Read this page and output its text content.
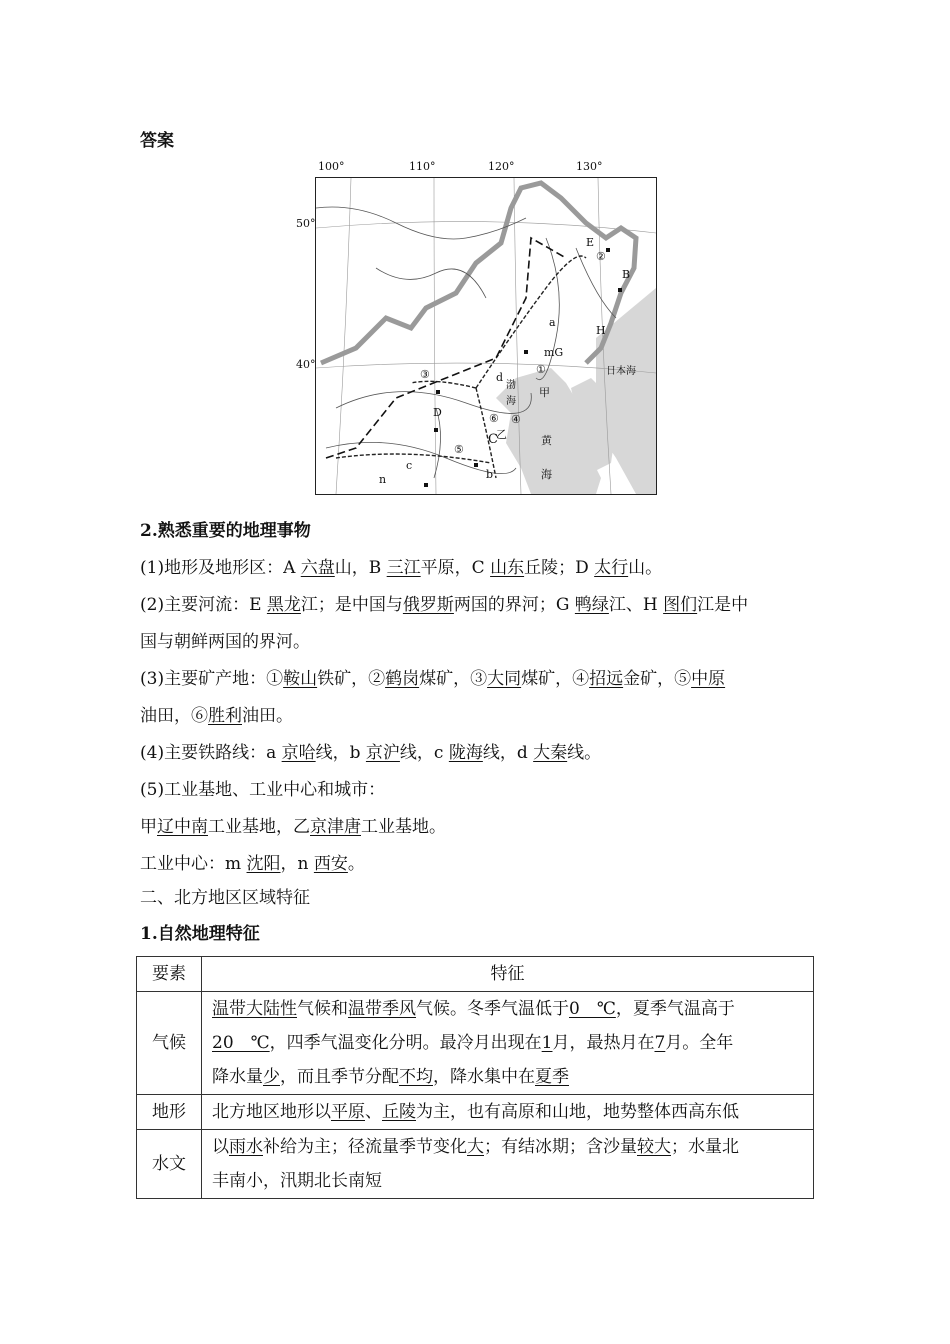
答案
100°	110°	120°	130°
50°
40°
E
②
B
H
a
mG
①
d
③
D	⑥ ④
乙
C
⑤
c
n	b
甲
渤
海
黄
海
日本海
2.熟悉重要的地理事物
(1)地形及地形区：A 六盘山，B 三江平原，C 山东丘陵；D 太行山。
(2)主要河流：E 黑龙江；是中国与俄罗斯两国的界河；G 鸭绿江、H 图们江是中
国与朝鲜两国的界河。
(3)主要矿产地：①鞍山铁矿，②鹤岗煤矿，③大同煤矿，④招远金矿，⑤中原
油田，⑥胜利油田。
(4)主要铁路线：a 京哈线，b 京沪线，c 陇海线，d 大秦线。
(5)工业基地、工业中心和城市：
甲辽中南工业基地，乙京津唐工业基地。
工业中心：m 沈阳，n 西安。
二、北方地区区域特征
1.自然地理特征
要素	特征
气候	温带大陆性气候和温带季风气候。冬季气温低于0　℃，夏季气温高于
20　℃，四季气温变化分明。最冷月出现在1月，最热月在7月。全年
降水量少，而且季节分配不均，降水集中在夏季

地形	北方地区地形以平原、丘陵为主，也有高原和山地，地势整体西高东低

水文	以雨水补给为主；径流量季节变化大；有结冰期；含沙量较大；水量北
丰南小，汛期北长南短
